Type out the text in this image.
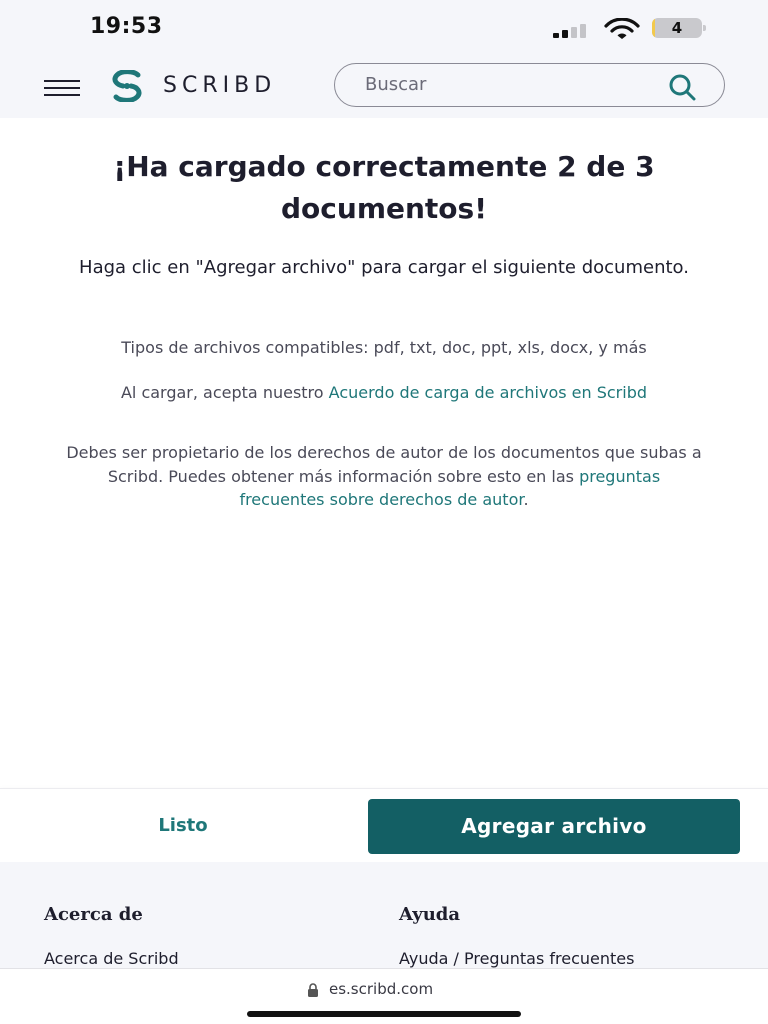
19:53	4
SCRIBD
Buscar
¡Ha cargado correctamente 2 de 3 documentos!

Haga clic en "Agregar archivo" para cargar el siguiente documento.

Tipos de archivos compatibles: pdf, txt, doc, ppt, xls, docx, y más

Al cargar, acepta nuestro Acuerdo de carga de archivos en Scribd

Debes ser propietario de los derechos de autor de los documentos que subas a Scribd. Puedes obtener más información sobre esto en las preguntas frecuentes sobre derechos de autor.

Listo	Agregar archivo
Acerca de
Acerca de Scribd
Ayuda
Ayuda / Preguntas frecuentes
es.scribd.com
